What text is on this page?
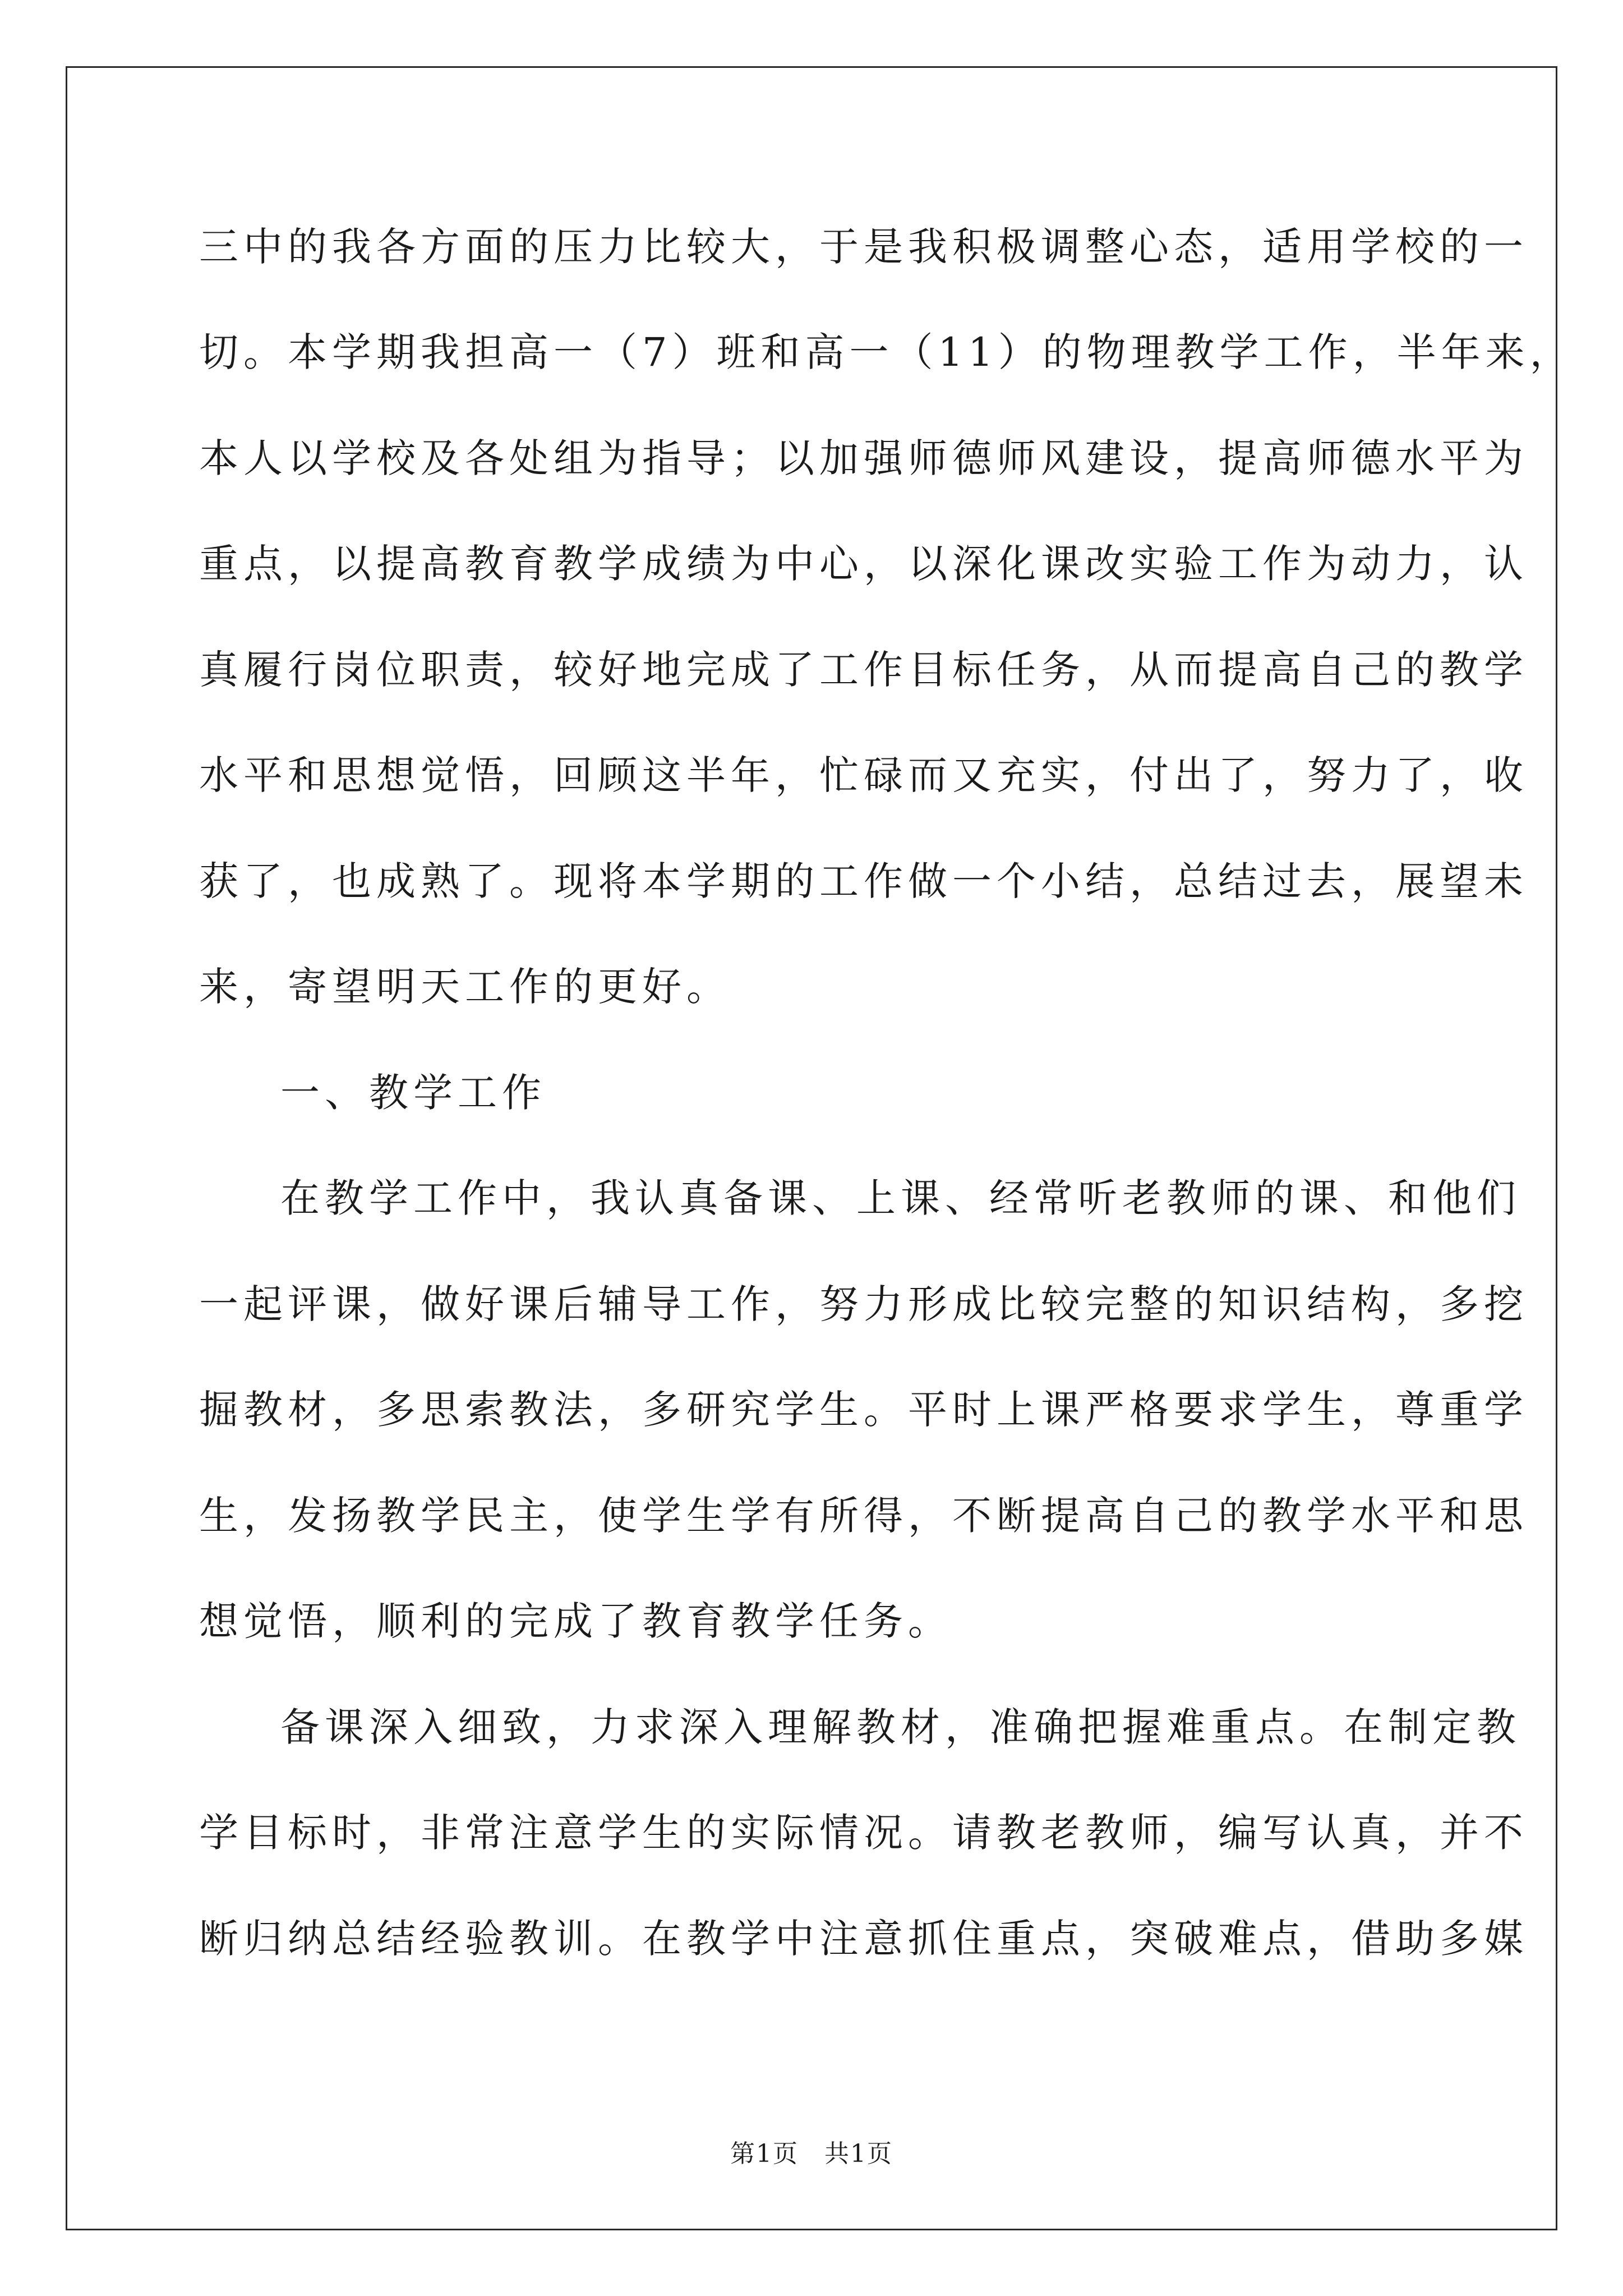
三中的我各方面的压力比较大，于是我积极调整心态，适用学校的一
切。本学期我担高一（7）班和高一（11）的物理教学工作，半年来，
本人以学校及各处组为指导；以加强师德师风建设，提高师德水平为
重点，以提高教育教学成绩为中心，以深化课改实验工作为动力，认
真履行岗位职责，较好地完成了工作目标任务，从而提高自己的教学
水平和思想觉悟，回顾这半年，忙碌而又充实，付出了，努力了，收
获了，也成熟了。现将本学期的工作做一个小结，总结过去，展望未
来，寄望明天工作的更好。
一、教学工作
在教学工作中，我认真备课、上课、经常听老教师的课、和他们
一起评课，做好课后辅导工作，努力形成比较完整的知识结构，多挖
掘教材，多思索教法，多研究学生。平时上课严格要求学生，尊重学
生，发扬教学民主，使学生学有所得，不断提高自己的教学水平和思
想觉悟，顺利的完成了教育教学任务。
备课深入细致，力求深入理解教材，准确把握难重点。在制定教
学目标时，非常注意学生的实际情况。请教老教师，编写认真，并不
断归纳总结经验教训。在教学中注意抓住重点，突破难点，借助多媒
第1页　共1页
